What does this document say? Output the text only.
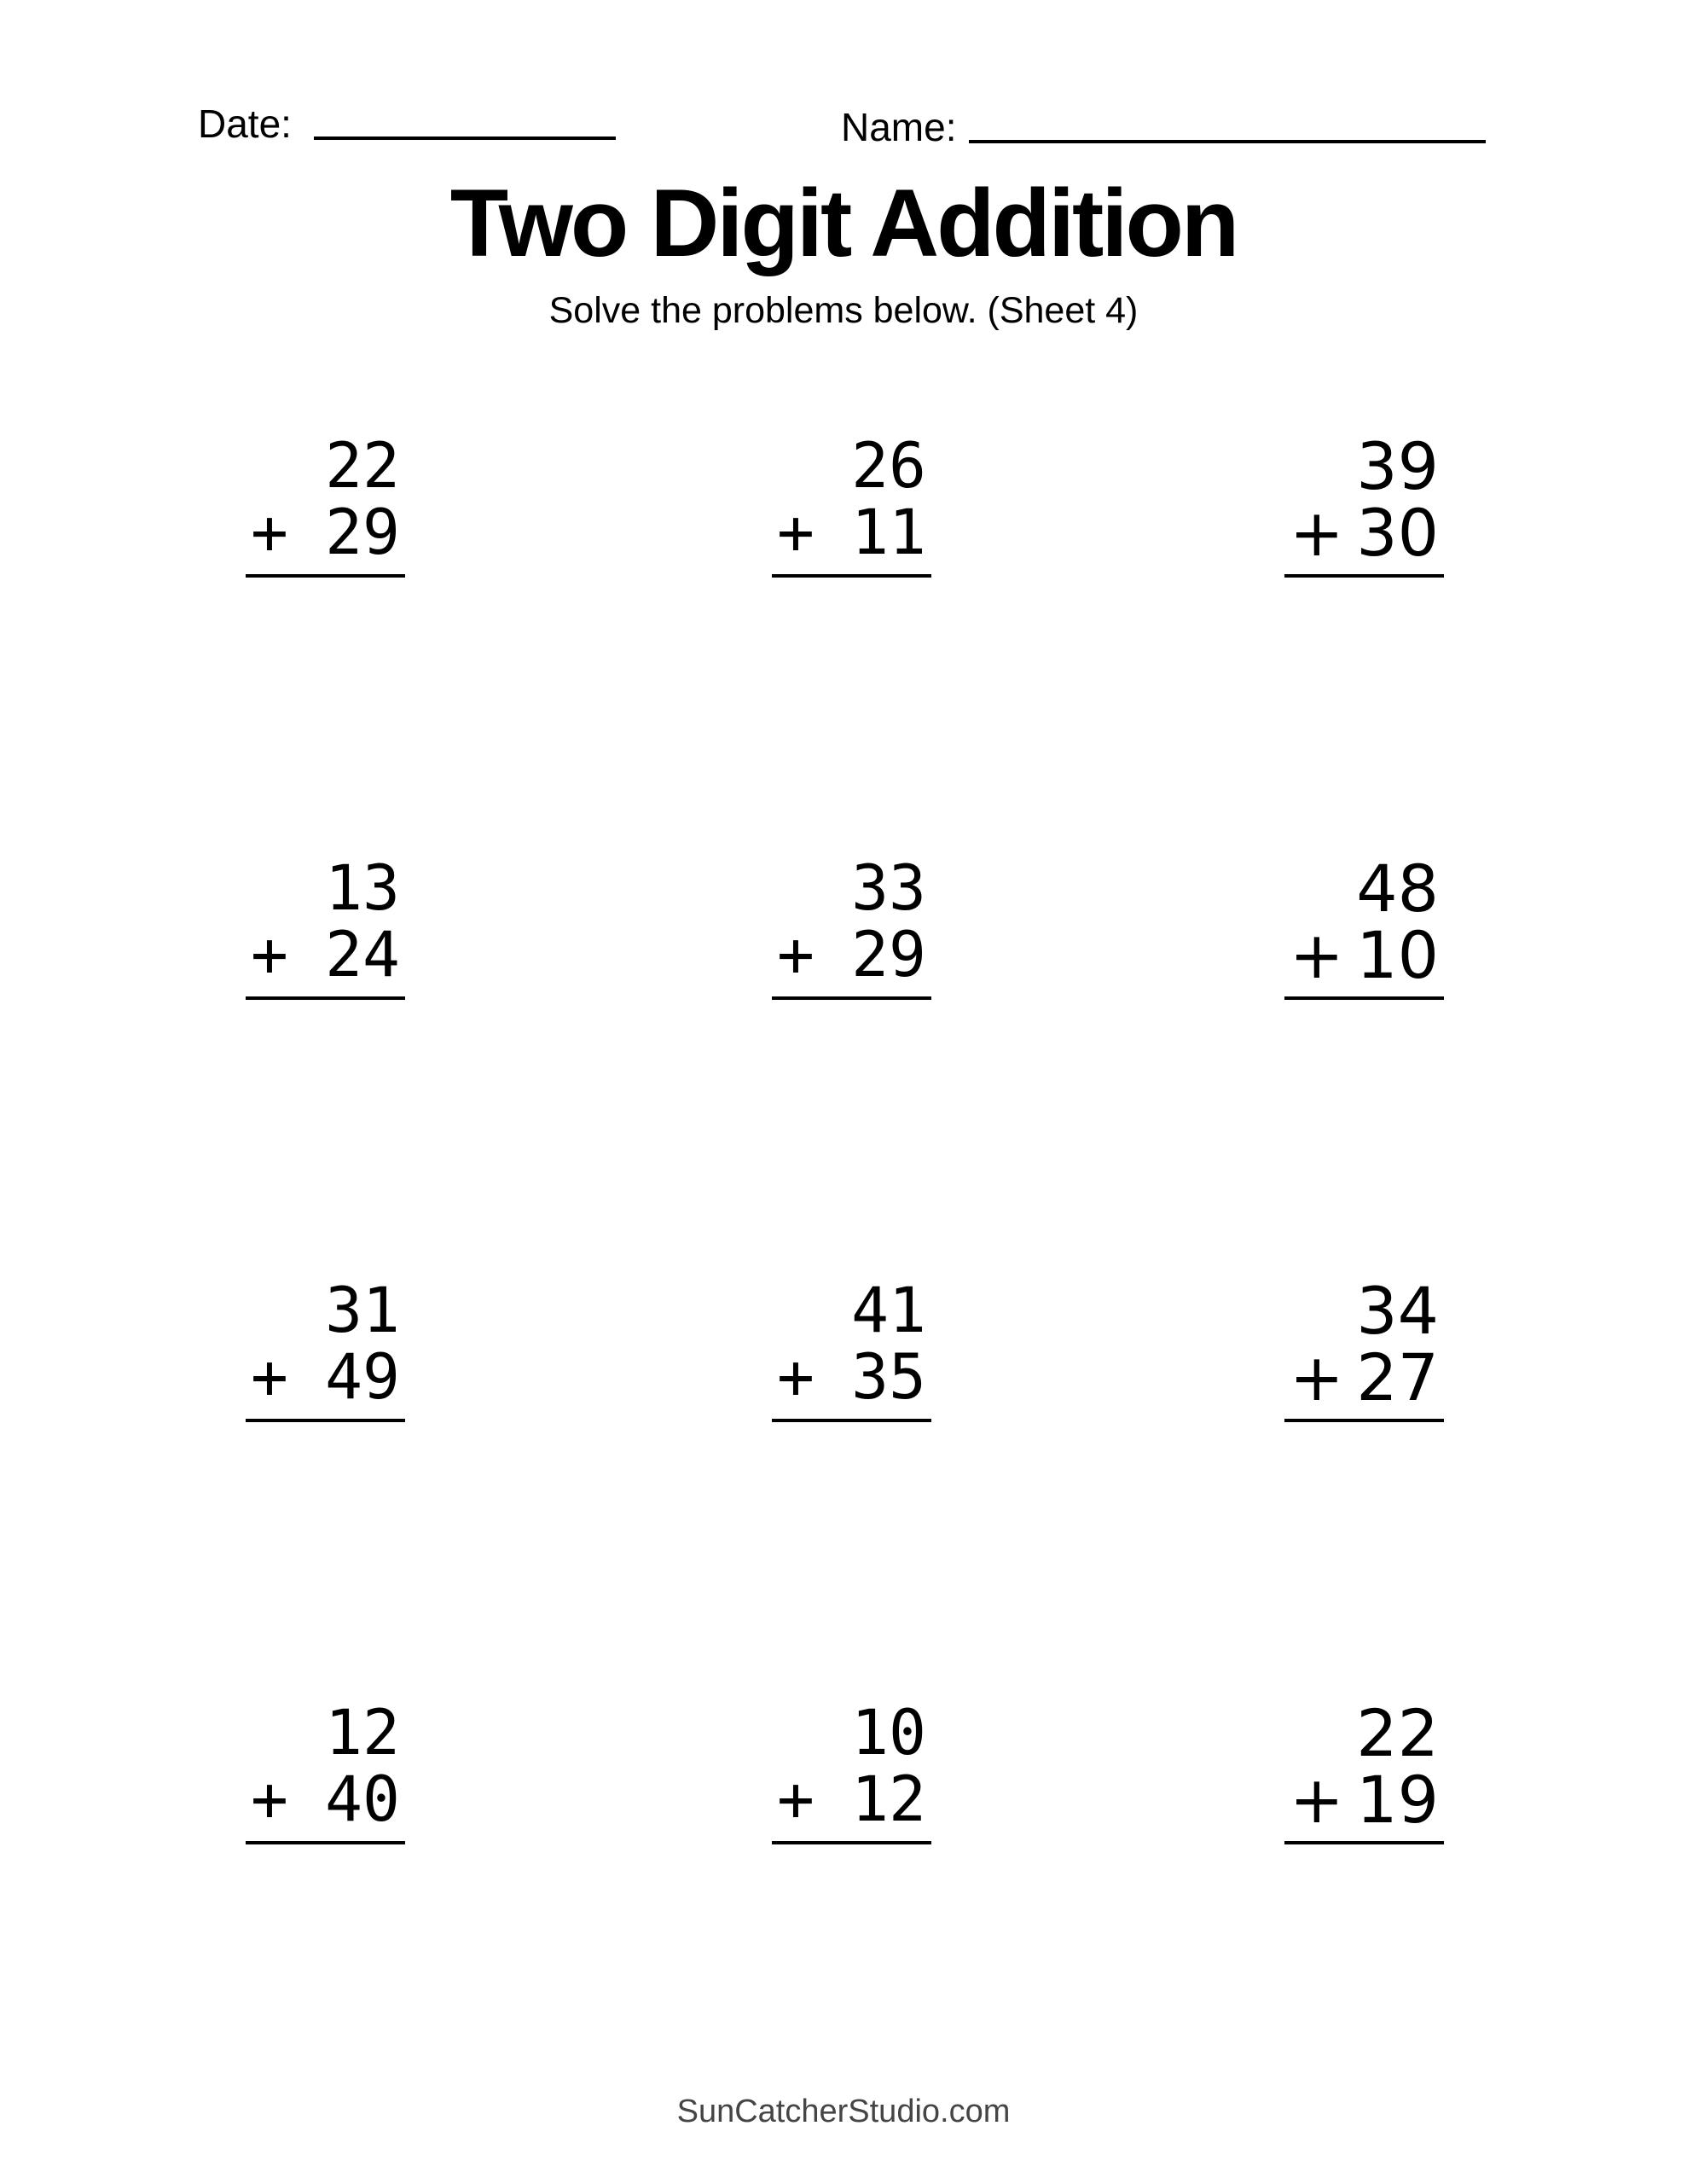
Date:	Name:
Two Digit Addition
Solve the problems below. (Sheet 4)
22
+ 29
26
+ 11
39
+ 30
13
+ 24
33
+ 29
48
+ 10
31
+ 49
41
+ 35
34
+ 27
12
+ 40
10
+ 12
22
+ 19
SunCatcherStudio.com
